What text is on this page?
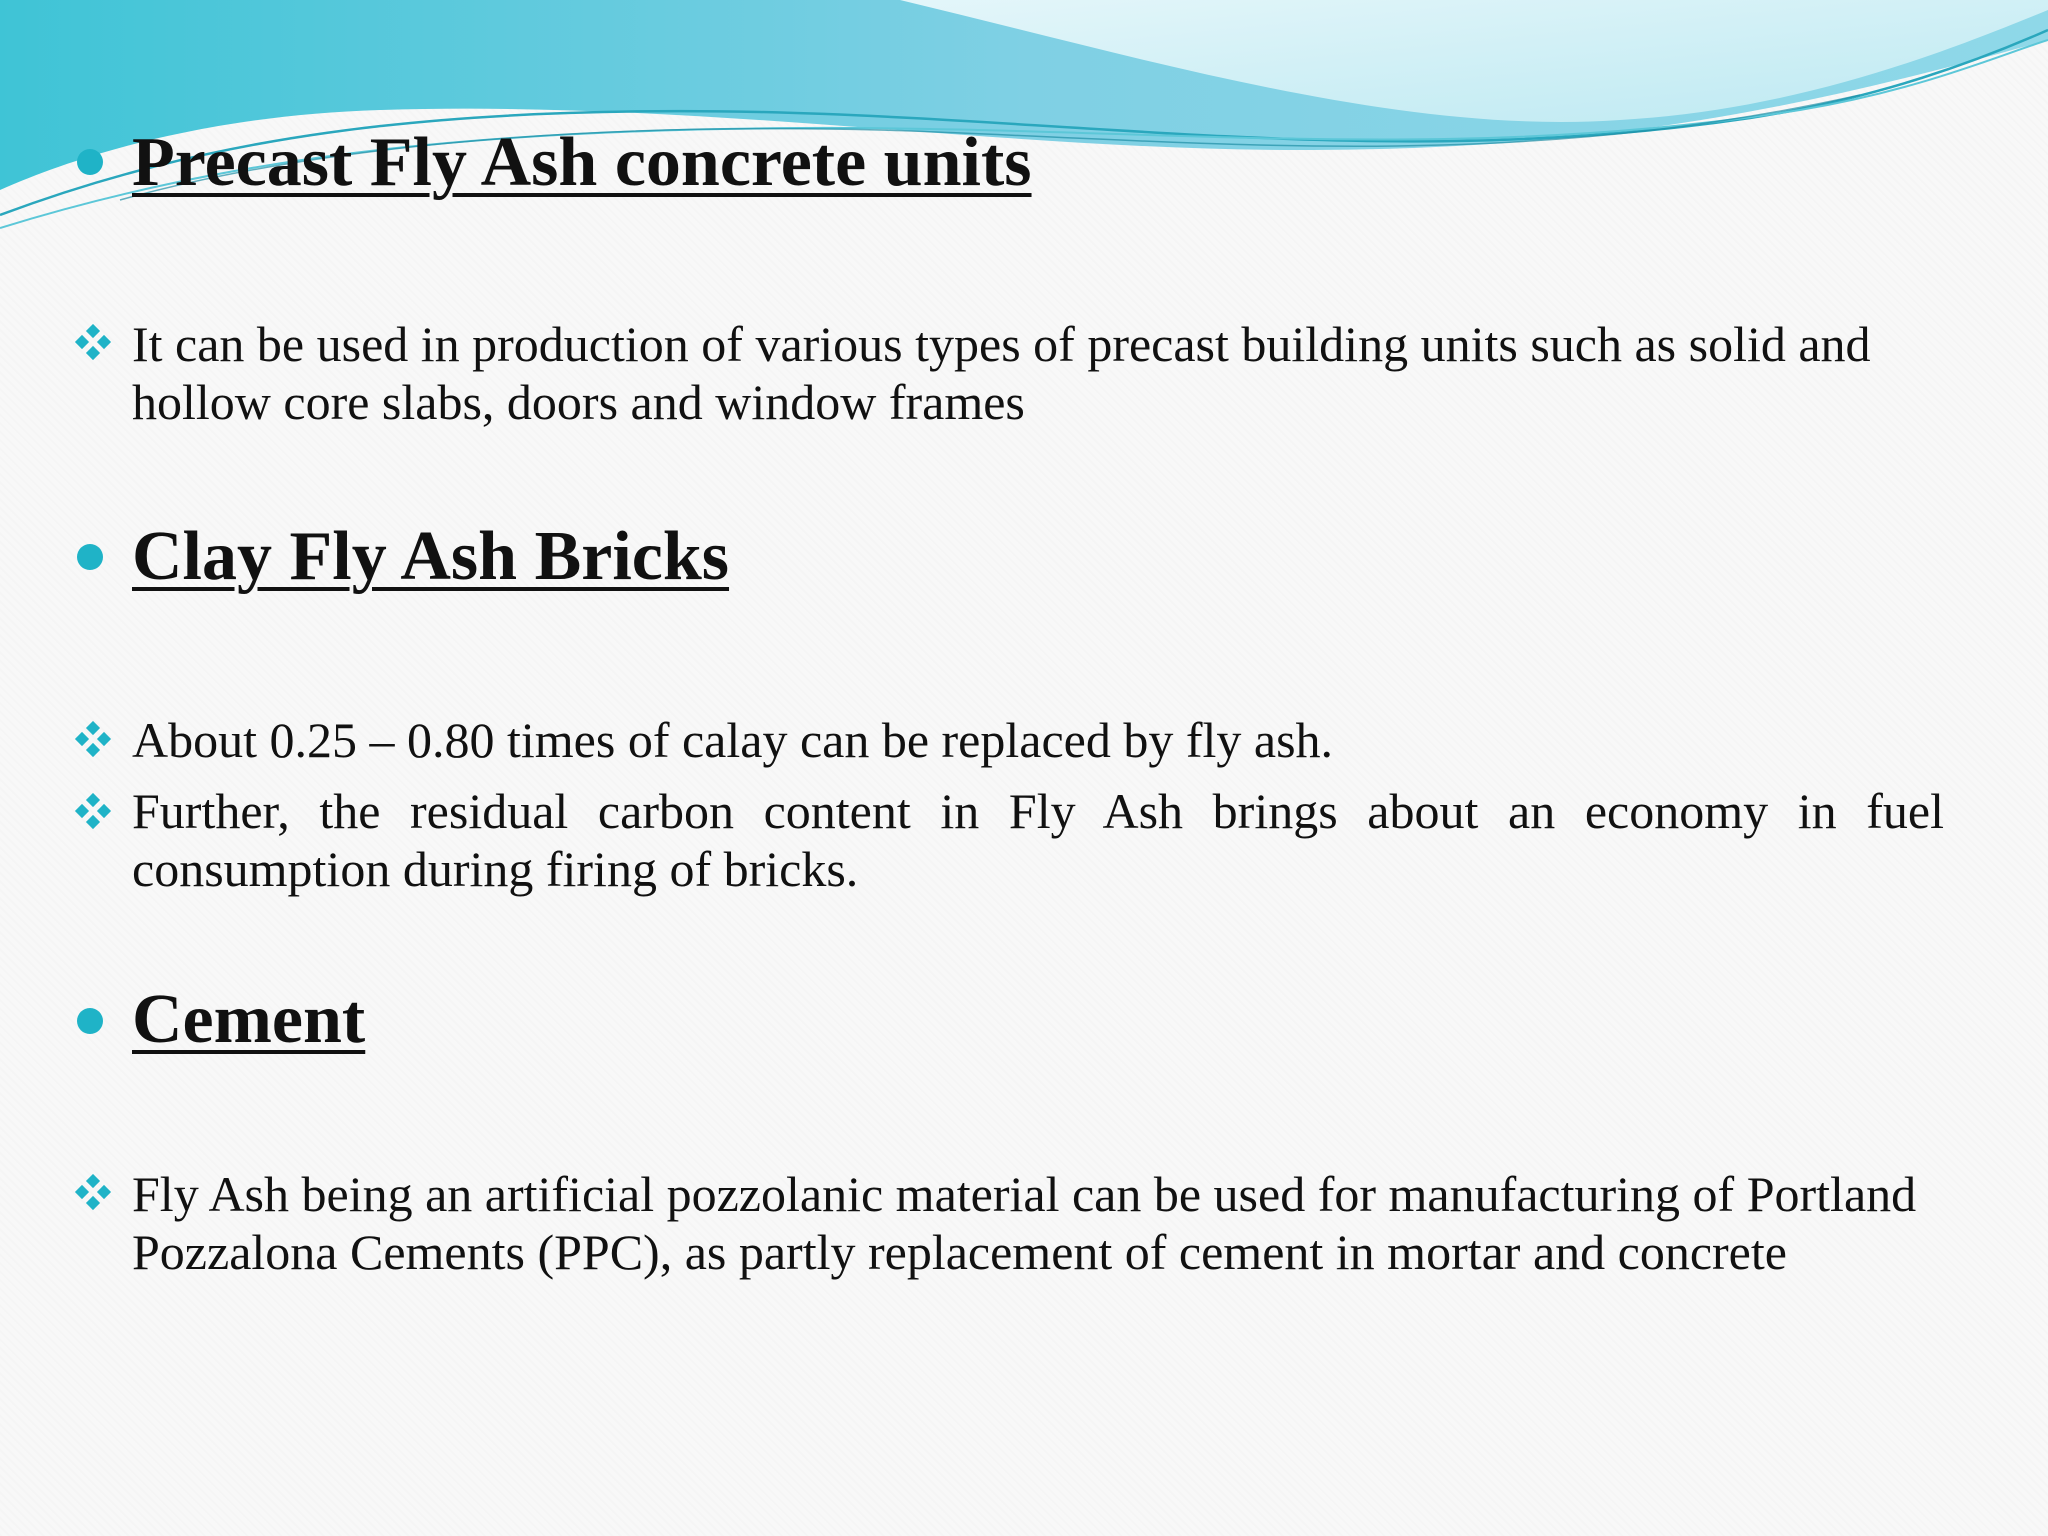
Precast Fly Ash concrete units

It can be used in production of various types of precast building units such as solid and hollow core slabs, doors and window frames

Clay Fly Ash Bricks

About 0.25 – 0.80 times of calay can be replaced by fly ash.

Further, the residual carbon content in Fly Ash brings about an economy in fuel consumption during firing of bricks.

Cement

Fly Ash being an artificial pozzolanic material can be used for manufacturing of Portland Pozzalona Cements (PPC), as partly replacement of cement in mortar and concrete
